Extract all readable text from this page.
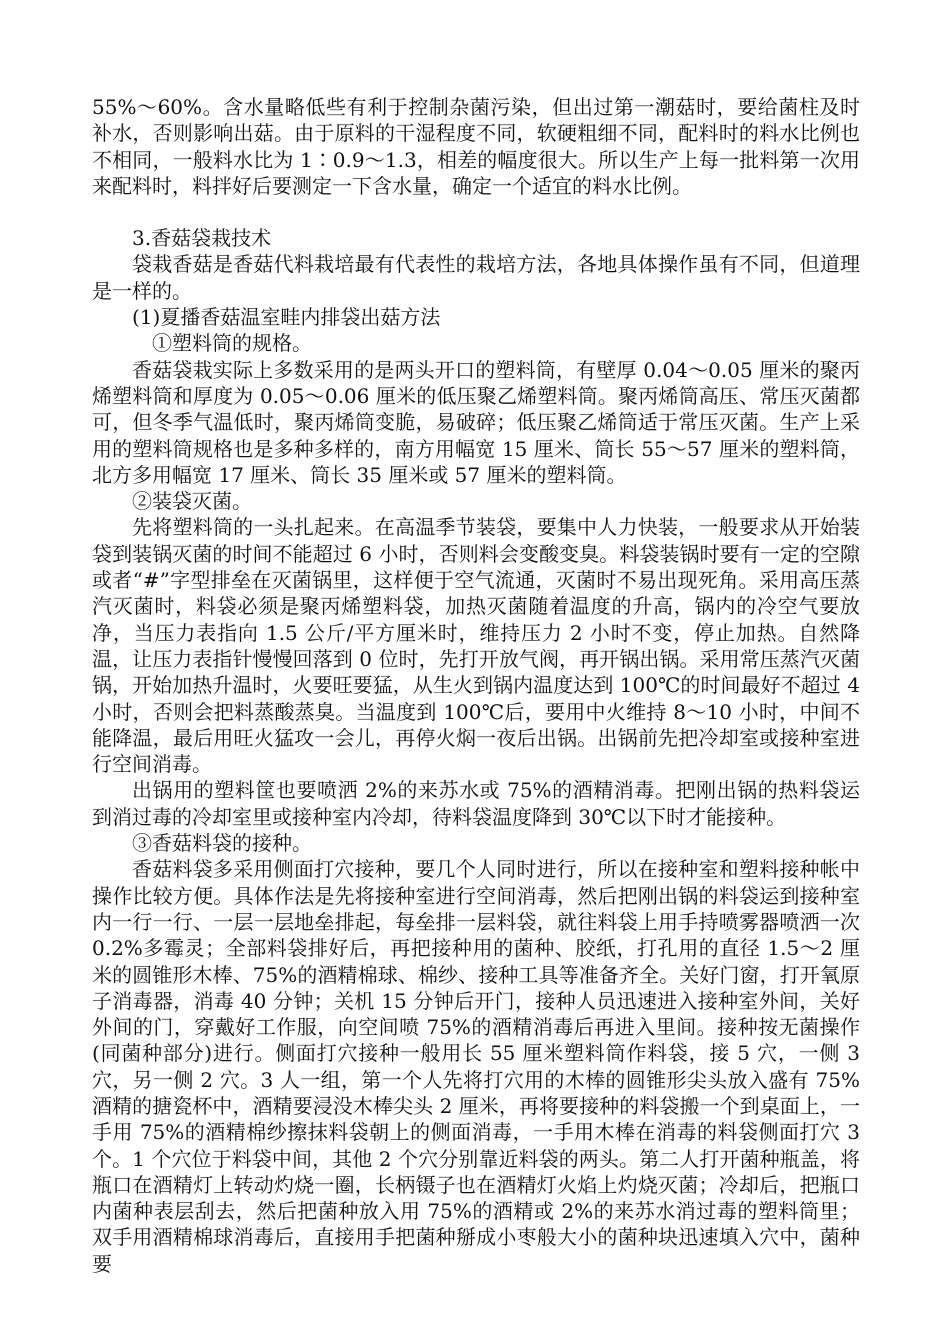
55%～60%。含水量略低些有利于控制杂菌污染，但出过第一潮菇时，要给菌柱及时补水，否则影响出菇。由于原料的干湿程度不同，软硬粗细不同，配料时的料水比例也不相同，一般料水比为 1∶0.9～1.3，相差的幅度很大。所以生产上每一批料第一次用来配料时，料拌好后要测定一下含水量，确定一个适宜的料水比例。

3.香菇袋栽技术

袋栽香菇是香菇代料栽培最有代表性的栽培方法，各地具体操作虽有不同，但道理是一样的。

(1)夏播香菇温室畦内排袋出菇方法

①塑料筒的规格。

香菇袋栽实际上多数采用的是两头开口的塑料筒，有壁厚 0.04～0.05 厘米的聚丙烯塑料筒和厚度为 0.05～0.06 厘米的低压聚乙烯塑料筒。聚丙烯筒高压、常压灭菌都可，但冬季气温低时，聚丙烯筒变脆，易破碎；低压聚乙烯筒适于常压灭菌。生产上采用的塑料筒规格也是多种多样的，南方用幅宽 15 厘米、筒长 55～57 厘米的塑料筒，北方多用幅宽 17 厘米、筒长 35 厘米或 57 厘米的塑料筒。

②装袋灭菌。

先将塑料筒的一头扎起来。在高温季节装袋，要集中人力快装，一般要求从开始装袋到装锅灭菌的时间不能超过 6 小时，否则料会变酸变臭。料袋装锅时要有一定的空隙或者“#”字型排垒在灭菌锅里，这样便于空气流通，灭菌时不易出现死角。采用高压蒸汽灭菌时，料袋必须是聚丙烯塑料袋，加热灭菌随着温度的升高，锅内的冷空气要放净，当压力表指向 1.5 公斤/平方厘米时，维持压力 2 小时不变，停止加热。自然降温，让压力表指针慢慢回落到 0 位时，先打开放气阀，再开锅出锅。采用常压蒸汽灭菌锅，开始加热升温时，火要旺要猛，从生火到锅内温度达到 100℃的时间最好不超过 4 小时，否则会把料蒸酸蒸臭。当温度到 100℃后，要用中火维持 8～10 小时，中间不能降温，最后用旺火猛攻一会儿，再停火焖一夜后出锅。出锅前先把冷却室或接种室进行空间消毒。

出锅用的塑料筐也要喷洒 2%的来苏水或 75%的酒精消毒。把刚出锅的热料袋运到消过毒的冷却室里或接种室内冷却，待料袋温度降到 30℃以下时才能接种。

③香菇料袋的接种。

香菇料袋多采用侧面打穴接种，要几个人同时进行，所以在接种室和塑料接种帐中操作比较方便。具体作法是先将接种室进行空间消毒，然后把刚出锅的料袋运到接种室内一行一行、一层一层地垒排起，每垒排一层料袋，就往料袋上用手持喷雾器喷洒一次 0.2%多霉灵；全部料袋排好后，再把接种用的菌种、胶纸，打孔用的直径 1.5～2 厘米的圆锥形木棒、75%的酒精棉球、棉纱、接种工具等准备齐全。关好门窗，打开氧原子消毒器，消毒 40 分钟；关机 15 分钟后开门，接种人员迅速进入接种室外间，关好外间的门，穿戴好工作服，向空间喷 75%的酒精消毒后再进入里间。接种按无菌操作(同菌种部分)进行。侧面打穴接种一般用长 55 厘米塑料筒作料袋，接 5 穴，一侧 3 穴，另一侧 2 穴。3 人一组，第一个人先将打穴用的木棒的圆锥形尖头放入盛有 75%酒精的搪瓷杯中，酒精要浸没木棒尖头 2 厘米，再将要接种的料袋搬一个到桌面上，一手用 75%的酒精棉纱擦抹料袋朝上的侧面消毒，一手用木棒在消毒的料袋侧面打穴 3 个。1 个穴位于料袋中间，其他 2 个穴分别靠近料袋的两头。第二人打开菌种瓶盖，将瓶口在酒精灯上转动灼烧一圈，长柄镊子也在酒精灯火焰上灼烧灭菌；冷却后，把瓶口内菌种表层刮去，然后把菌种放入用 75%的酒精或 2%的来苏水消过毒的塑料筒里；双手用酒精棉球消毒后，直接用手把菌种掰成小枣般大小的菌种块迅速填入穴中，菌种要
